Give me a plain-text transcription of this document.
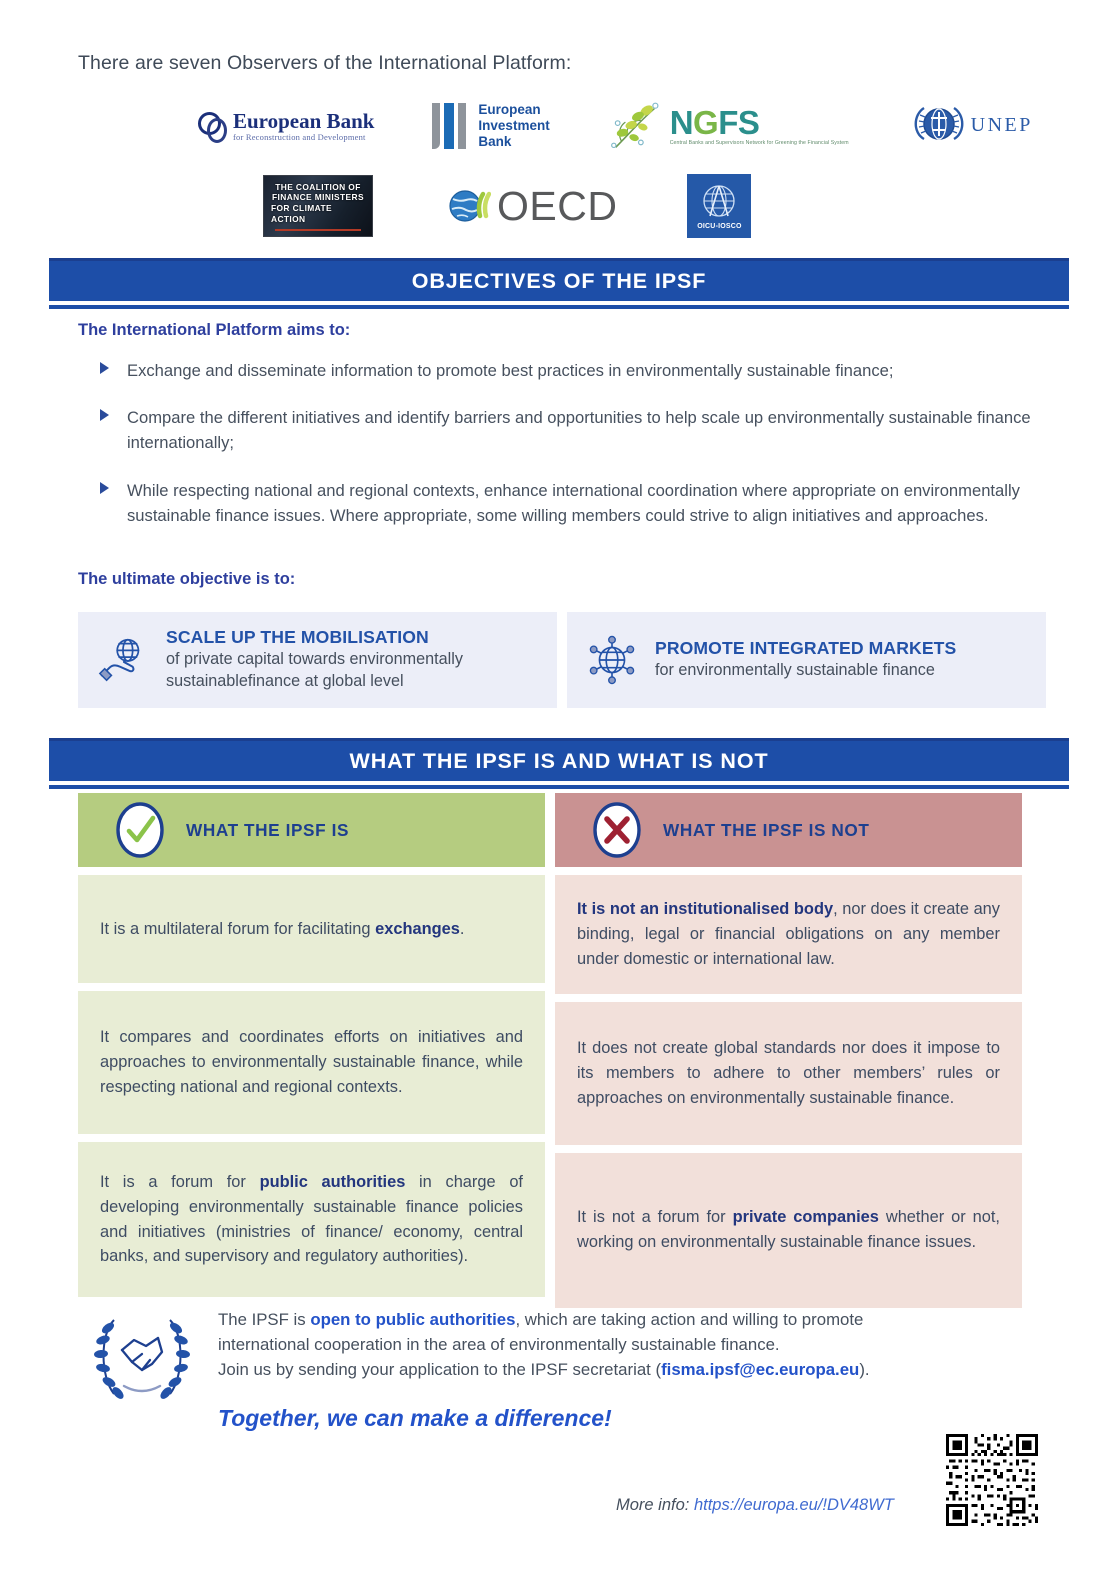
There are seven Observers of the International Platform:
European Bank
for Reconstruction and Development
European
Investment
Bank
NGFS
Central Banks and Supervisors Network for Greening the Financial System
UNEP
THE COALITION OF
FINANCE MINISTERS
FOR CLIMATE ACTION	OECD	OICU-IOSCO
OBJECTIVES OF THE IPSF
The International Platform aims to:
Exchange and disseminate information to promote best practices in environmentally sustainable finance;
Compare the different initiatives and identify barriers and opportunities to help scale up environmentally sustainable finance internationally;
While respecting national and regional contexts, enhance international coordination where appropriate on environmentally sustainable finance issues. Where appropriate, some willing members could strive to align initiatives and approaches.
The ultimate objective is to:
SCALE UP THE MOBILISATION
of private capital towards environmentally sustainablefinance at global level
PROMOTE INTEGRATED MARKETS
for environmentally sustainable finance
WHAT THE IPSF IS AND WHAT IS NOT
WHAT THE IPSF IS
It is a multilateral forum for facilitating exchanges.
It compares and coordinates efforts on initiatives and approaches to environmentally sustainable finance, while respecting national and regional contexts.
It is a forum for public authorities in charge of developing environmentally sustainable finance policies and initiatives (ministries of finance/ economy, central banks, and supervisory and regulatory authorities).
WHAT THE IPSF IS NOT
It is not an institutionalised body, nor does it create any binding, legal or financial obligations on any member under domestic or international law.
It does not create global standards nor does it impose to its members to adhere to other members’ rules or approaches on environmentally sustainable finance.
It is not a forum for private companies whether or not, working on environmentally sustainable finance issues.
The IPSF is open to public authorities, which are taking action and willing to promote
international cooperation in the area of environmentally sustainable finance.
Join us by sending your application to the IPSF secretariat (fisma.ipsf@ec.europa.eu).
Together, we can make a difference!
More info: https://europa.eu/!DV48WT
